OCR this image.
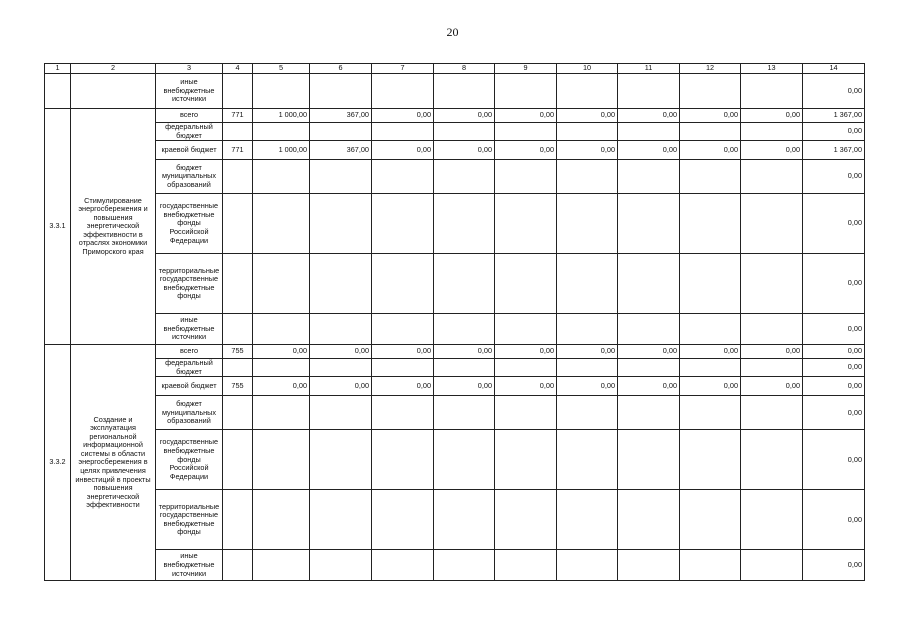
20
1	2	3	4	5	6	7	8	9	10	11	12	13	14
		иные внебюджетные источники											0,00
3.3.1	Стимулирование энергосбережения и повышения энергетической эффективности в отраслях экономики Приморского края	всего	771	1 000,00	367,00	0,00	0,00	0,00	0,00	0,00	0,00	0,00	1 367,00
		федеральный бюджет											0,00
		краевой бюджет	771	1 000,00	367,00	0,00	0,00	0,00	0,00	0,00	0,00	0,00	1 367,00
		бюджет муниципальных образований											0,00
		государственные внебюджетные фонды Российской Федерации											0,00
		территориальные государственные внебюджетные фонды											0,00
		иные внебюджетные источники											0,00
3.3.2	Создание и эксплуатация региональной информационной системы в области энергосбережения в целях привлечения инвестиций в проекты повышения энергетической эффективности	всего	755	0,00	0,00	0,00	0,00	0,00	0,00	0,00	0,00	0,00	0,00
		федеральный бюджет											0,00
		краевой бюджет	755	0,00	0,00	0,00	0,00	0,00	0,00	0,00	0,00	0,00	0,00
		бюджет муниципальных образований											0,00
		государственные внебюджетные фонды Российской Федерации											0,00
		территориальные государственные внебюджетные фонды											0,00
		иные внебюджетные источники											0,00
